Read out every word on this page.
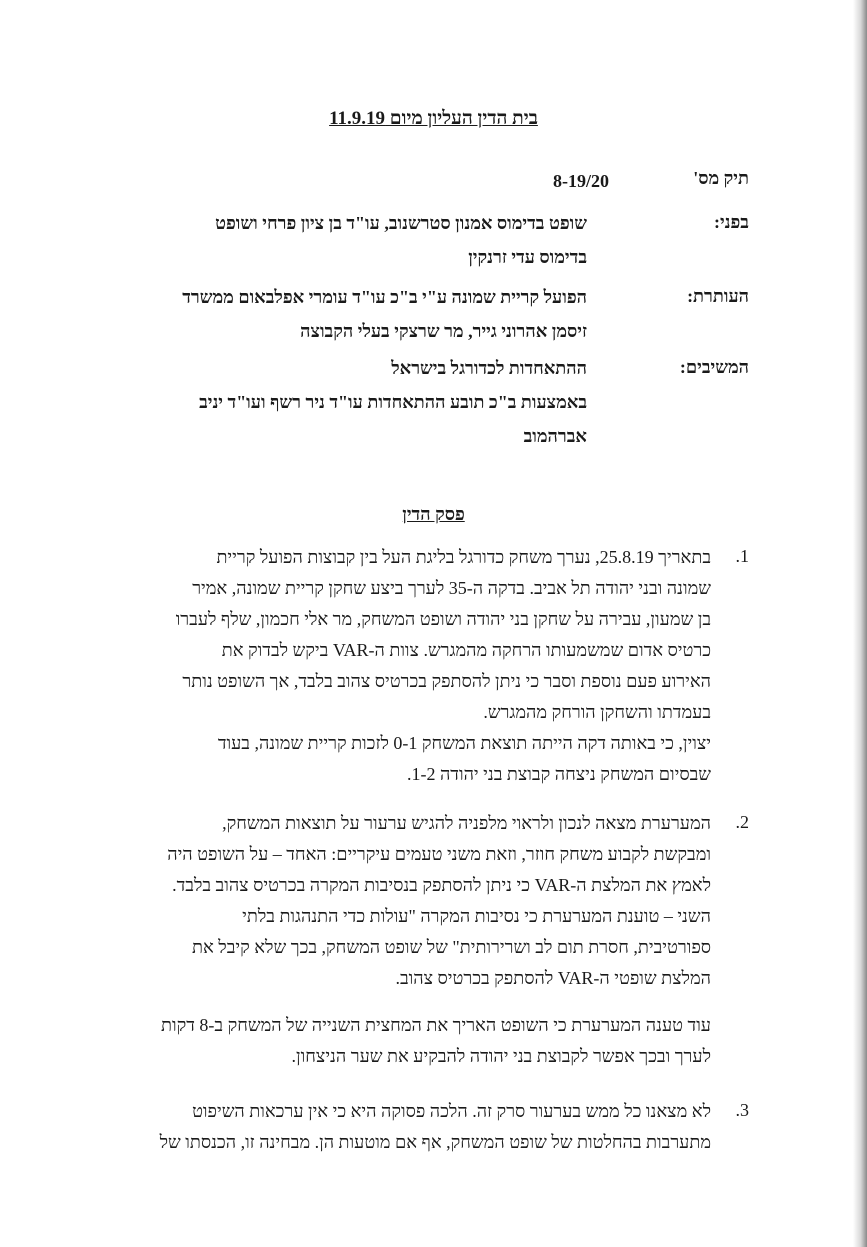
בית הדין העליון מיום 11.9.19
תיק מס'
8-19/20
בפני:
שופט בדימוס אמנון סטרשנוב, עו"ד בן ציון פרחי ושופט
בדימוס עדי זרנקין
העותרת:
הפועל קריית שמונה ע"י ב"כ עו"ד עומרי אפלבאום ממשרד
זיסמן אהרוני גייר, מר שרצקי בעלי הקבוצה
המשיבים:
ההתאחדות לכדורגל בישראל
באמצעות ב"כ תובע ההתאחדות עו"ד ניר רשף ועו"ד יניב
אברהמוב
פסק הדין
.1
בתאריך 25.8.19, נערך משחק כדורגל בליגת העל בין קבוצות הפועל קריית
שמונה ובני יהודה תל אביב. בדקה ה-35 לערך ביצע שחקן קריית שמונה, אמיר
בן שמעון, עבירה על שחקן בני יהודה ושופט המשחק, מר אלי חכמון, שלף לעברו
כרטיס אדום שמשמעותו הרחקה מהמגרש. צוות ה-VAR ביקש לבדוק את
האירוע פעם נוספת וסבר כי ניתן להסתפק בכרטיס צהוב בלבד, אך השופט נותר
בעמדתו והשחקן הורחק מהמגרש.
יצוין, כי באותה דקה הייתה תוצאת המשחק 0-1 לזכות קריית שמונה, בעוד
שבסיום המשחק ניצחה קבוצת בני יהודה 1-2.
.2
המערערת מצאה לנכון ולראוי מלפניה להגיש ערעור על תוצאות המשחק,
ומבקשת לקבוע משחק חוזר, וזאת משני טעמים עיקריים: האחד – על השופט היה
לאמץ את המלצת ה-VAR כי ניתן להסתפק בנסיבות המקרה בכרטיס צהוב בלבד.
השני – טוענת המערערת כי נסיבות המקרה "עולות כדי התנהגות בלתי
ספורטיבית, חסרת תום לב ושרירותית" של שופט המשחק, בכך שלא קיבל את
המלצת שופטי ה-VAR להסתפק בכרטיס צהוב.
עוד טענה המערערת כי השופט האריך את המחצית השנייה של המשחק ב-8 דקות
לערך ובכך אפשר לקבוצת בני יהודה להבקיע את שער הניצחון.
.3
לא מצאנו כל ממש בערעור סרק זה. הלכה פסוקה היא כי אין ערכאות השיפוט
מתערבות בהחלטות של שופט המשחק, אף אם מוטעות הן. מבחינה זו, הכנסתו של
